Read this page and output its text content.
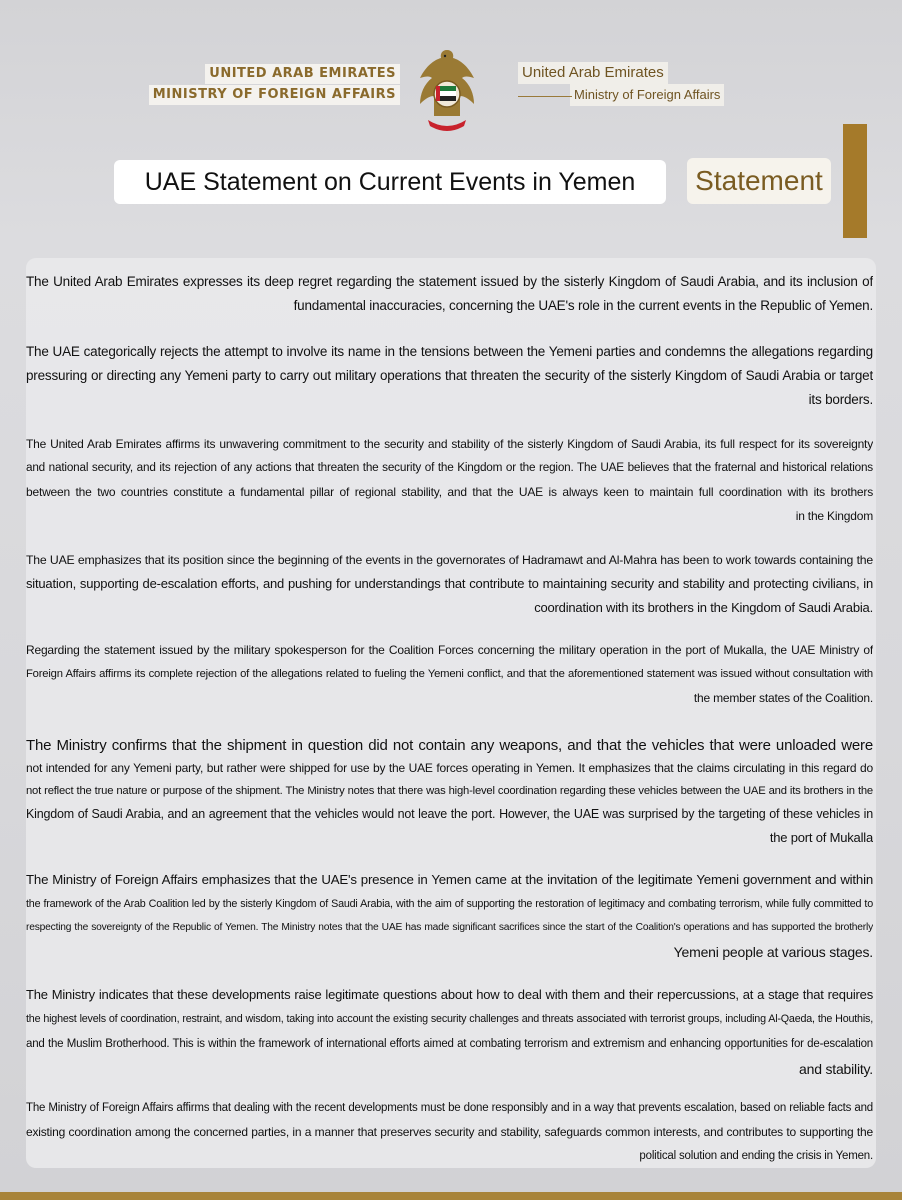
UNITED ARAB EMIRATES
MINISTRY OF FOREIGN AFFAIRS
United Arab Emirates

Ministry of Foreign Affairs
UAE Statement on Current Events in Yemen	Statement
The United Arab Emirates expresses its deep regret regarding the statement issued by the sisterly Kingdom of Saudi Arabia, and its inclusion of
fundamental inaccuracies, concerning the UAE's role in the current events in the Republic of Yemen.
The UAE categorically rejects the attempt to involve its name in the tensions between the Yemeni parties and condemns the allegations regarding
pressuring or directing any Yemeni party to carry out military operations that threaten the security of the sisterly Kingdom of Saudi Arabia or target
its borders.
The United Arab Emirates affirms its unwavering commitment to the security and stability of the sisterly Kingdom of Saudi Arabia, its full respect for its sovereignty
and national security, and its rejection of any actions that threaten the security of the Kingdom or the region. The UAE believes that the fraternal and historical relations
between the two countries constitute a fundamental pillar of regional stability, and that the UAE is always keen to maintain full coordination with its brothers
in the Kingdom
The UAE emphasizes that its position since the beginning of the events in the governorates of Hadramawt and Al-Mahra has been to work towards containing the
situation, supporting de-escalation efforts, and pushing for understandings that contribute to maintaining security and stability and protecting civilians, in
coordination with its brothers in the Kingdom of Saudi Arabia.
Regarding the statement issued by the military spokesperson for the Coalition Forces concerning the military operation in the port of Mukalla, the UAE Ministry of
Foreign Affairs affirms its complete rejection of the allegations related to fueling the Yemeni conflict, and that the aforementioned statement was issued without consultation with
the member states of the Coalition.
The Ministry confirms that the shipment in question did not contain any weapons, and that the vehicles that were unloaded were
not intended for any Yemeni party, but rather were shipped for use by the UAE forces operating in Yemen. It emphasizes that the claims circulating in this regard do
not reflect the true nature or purpose of the shipment. The Ministry notes that there was high-level coordination regarding these vehicles between the UAE and its brothers in the
Kingdom of Saudi Arabia, and an agreement that the vehicles would not leave the port. However, the UAE was surprised by the targeting of these vehicles in
the port of Mukalla
The Ministry of Foreign Affairs emphasizes that the UAE's presence in Yemen came at the invitation of the legitimate Yemeni government and within
the framework of the Arab Coalition led by the sisterly Kingdom of Saudi Arabia, with the aim of supporting the restoration of legitimacy and combating terrorism, while fully committed to
respecting the sovereignty of the Republic of Yemen. The Ministry notes that the UAE has made significant sacrifices since the start of the Coalition's operations and has supported the brotherly
Yemeni people at various stages.
The Ministry indicates that these developments raise legitimate questions about how to deal with them and their repercussions, at a stage that requires
the highest levels of coordination, restraint, and wisdom, taking into account the existing security challenges and threats associated with terrorist groups, including Al-Qaeda, the Houthis,
and the Muslim Brotherhood. This is within the framework of international efforts aimed at combating terrorism and extremism and enhancing opportunities for de-escalation
and stability.
The Ministry of Foreign Affairs affirms that dealing with the recent developments must be done responsibly and in a way that prevents escalation, based on reliable facts and
existing coordination among the concerned parties, in a manner that preserves security and stability, safeguards common interests, and contributes to supporting the
political solution and ending the crisis in Yemen.
